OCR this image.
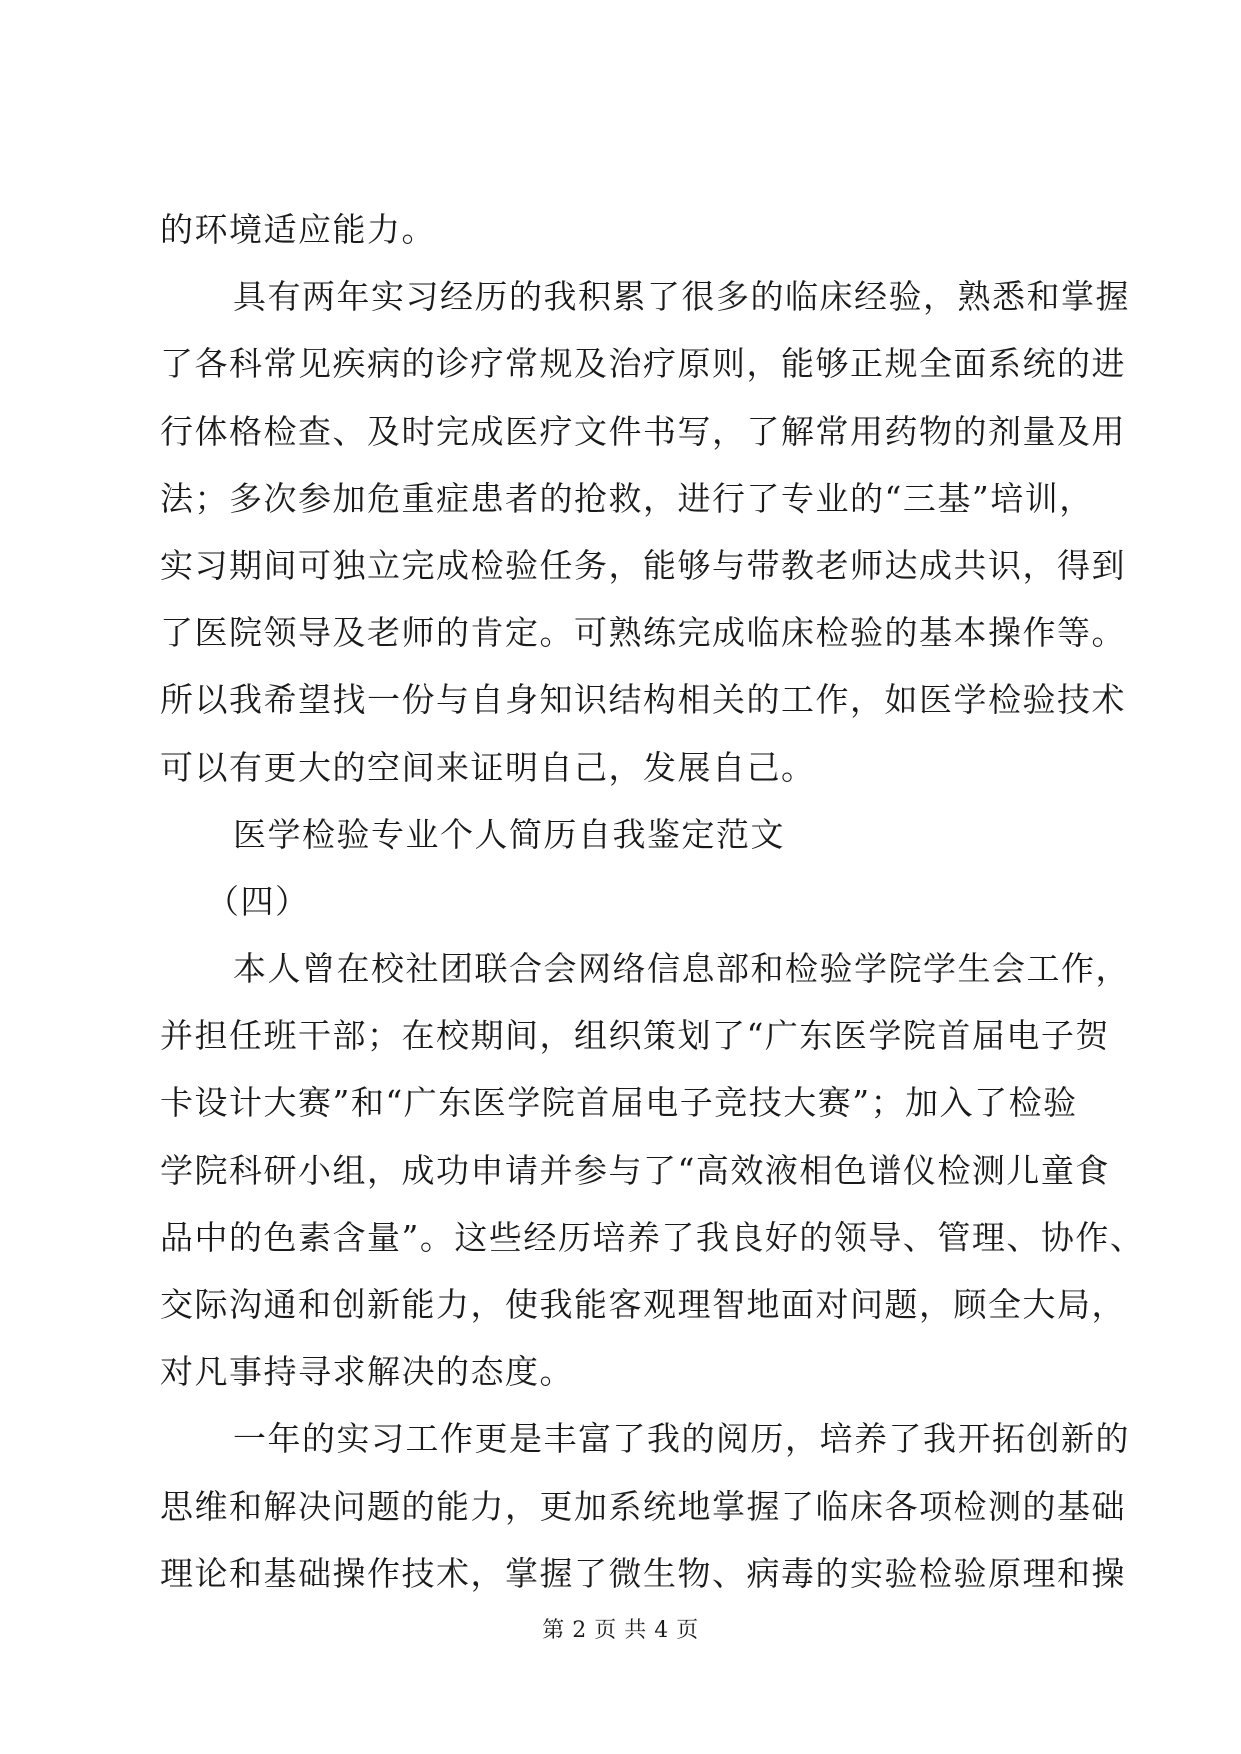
的环境适应能力。
具有两年实习经历的我积累了很多的临床经验，熟悉和掌握
了各科常见疾病的诊疗常规及治疗原则，能够正规全面系统的进
行体格检查、及时完成医疗文件书写，了解常用药物的剂量及用
法；多次参加危重症患者的抢救，进行了专业的“三基”培训，
实习期间可独立完成检验任务，能够与带教老师达成共识，得到
了医院领导及老师的肯定。可熟练完成临床检验的基本操作等。
所以我希望找一份与自身知识结构相关的工作，如医学检验技术
可以有更大的空间来证明自己，发展自己。
医学检验专业个人简历自我鉴定范文
（四）
本人曾在校社团联合会网络信息部和检验学院学生会工作，
并担任班干部；在校期间，组织策划了“广东医学院首届电子贺
卡设计大赛”和“广东医学院首届电子竞技大赛”；加入了检验
学院科研小组，成功申请并参与了“高效液相色谱仪检测儿童食
品中的色素含量”。这些经历培养了我良好的领导、管理、协作、
交际沟通和创新能力，使我能客观理智地面对问题，顾全大局，
对凡事持寻求解决的态度。
一年的实习工作更是丰富了我的阅历，培养了我开拓创新的
思维和解决问题的能力，更加系统地掌握了临床各项检测的基础
理论和基础操作技术，掌握了微生物、病毒的实验检验原理和操
第 2 页 共 4 页
